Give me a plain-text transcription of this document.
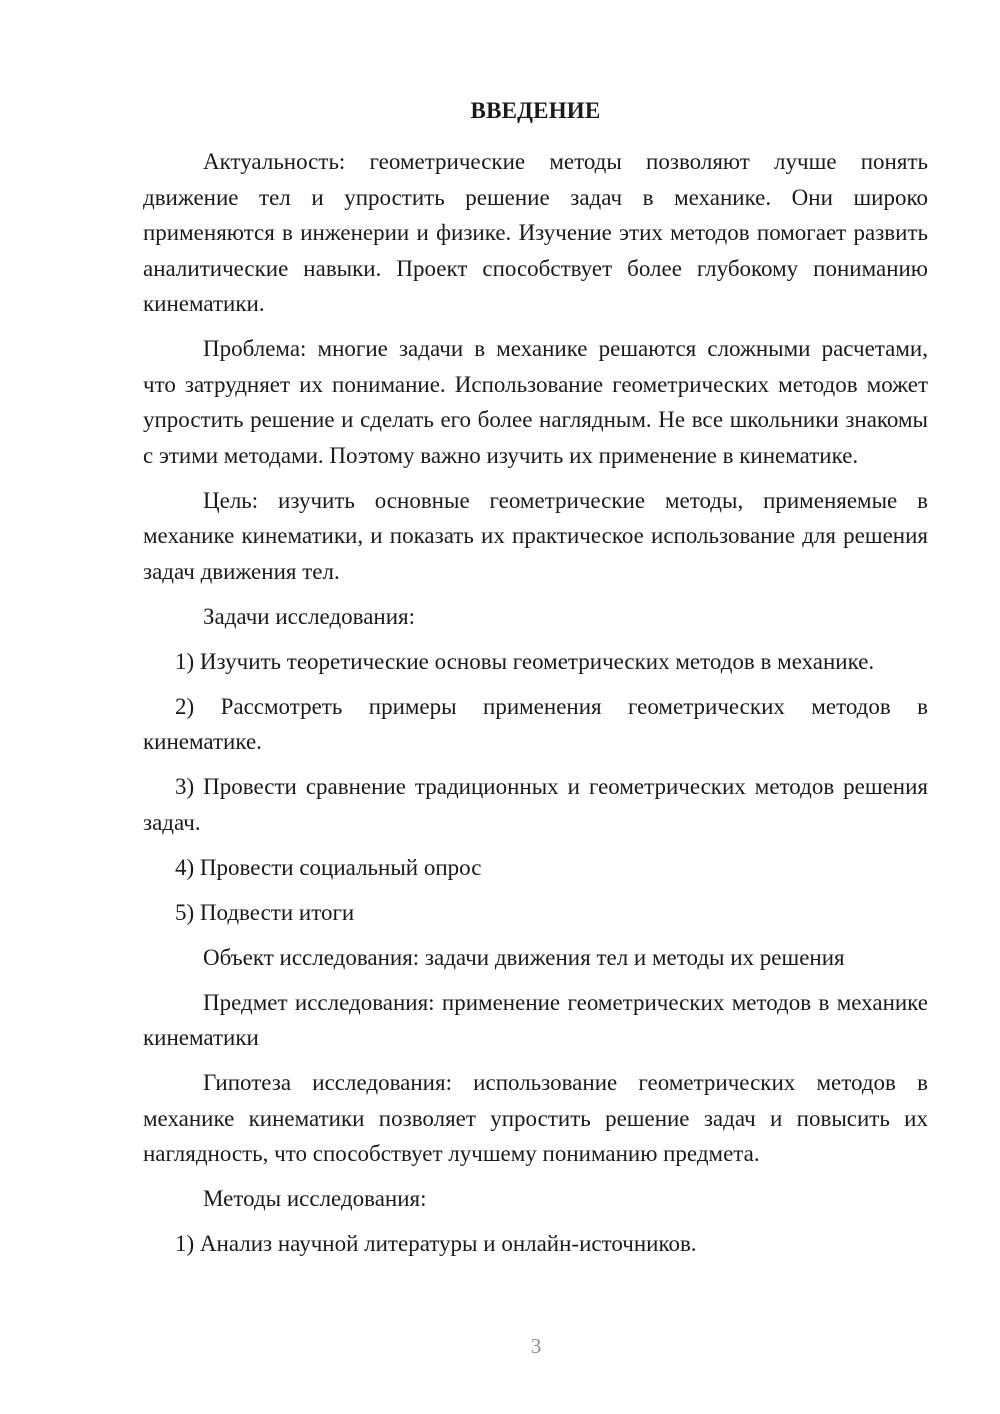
ВВЕДЕНИЕ

Актуальность: геометрические методы позволяют лучше понять движение тел и упростить решение задач в механике. Они широко применяются в инженерии и физике. Изучение этих методов помогает развить аналитические навыки. Проект способствует более глубокому пониманию кинематики.

Проблема: многие задачи в механике решаются сложными расчетами, что затрудняет их понимание. Использование геометрических методов может упростить решение и сделать его более наглядным. Не все школьники знакомы с этими методами. Поэтому важно изучить их применение в кинематике.

Цель: изучить основные геометрические методы, применяемые в механике кинематики, и показать их практическое использование для решения задач движения тел.

Задачи исследования:

1) Изучить теоретические основы геометрических методов в механике.

2) Рассмотреть примеры применения геометрических методов в кинематике.

3) Провести сравнение традиционных и геометрических методов решения задач.

4) Провести социальный опрос

5) Подвести итоги

Объект исследования: задачи движения тел и методы их решения

Предмет исследования: применение геометрических методов в механике кинематики

Гипотеза исследования: использование геометрических методов в механике кинематики позволяет упростить решение задач и повысить их наглядность, что способствует лучшему пониманию предмета.

Методы исследования:

1) Анализ научной литературы и онлайн-источников.

3
